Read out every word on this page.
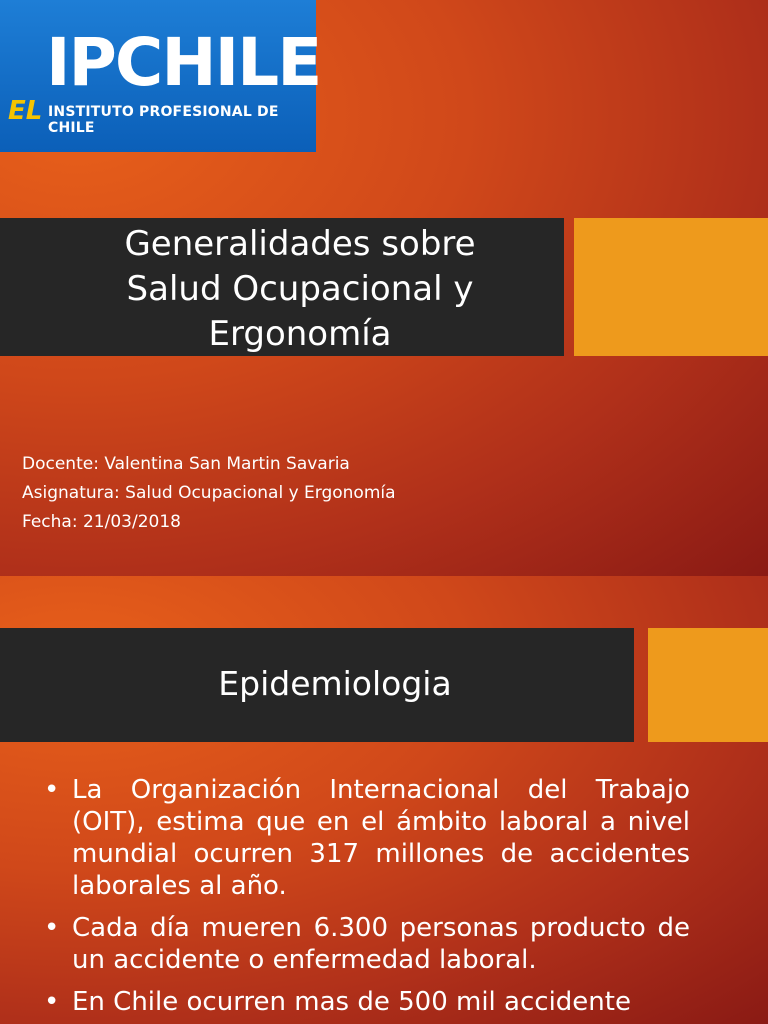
IPCHILE
EL INSTITUTO PROFESIONAL DE CHILE
Generalidades sobre
Salud Ocupacional y
Ergonomía
Docente: Valentina San Martin Savaria
Asignatura: Salud Ocupacional y Ergonomía
Fecha: 21/03/2018
Epidemiologia
• La Organización Internacional del Trabajo (OIT), estima que en el ámbito laboral a nivel mundial ocurren 317 millones de accidentes laborales al año.
• Cada día mueren 6.300 personas producto de un accidente o enfermedad laboral.
• En Chile ocurren mas de 500 mil accidente
